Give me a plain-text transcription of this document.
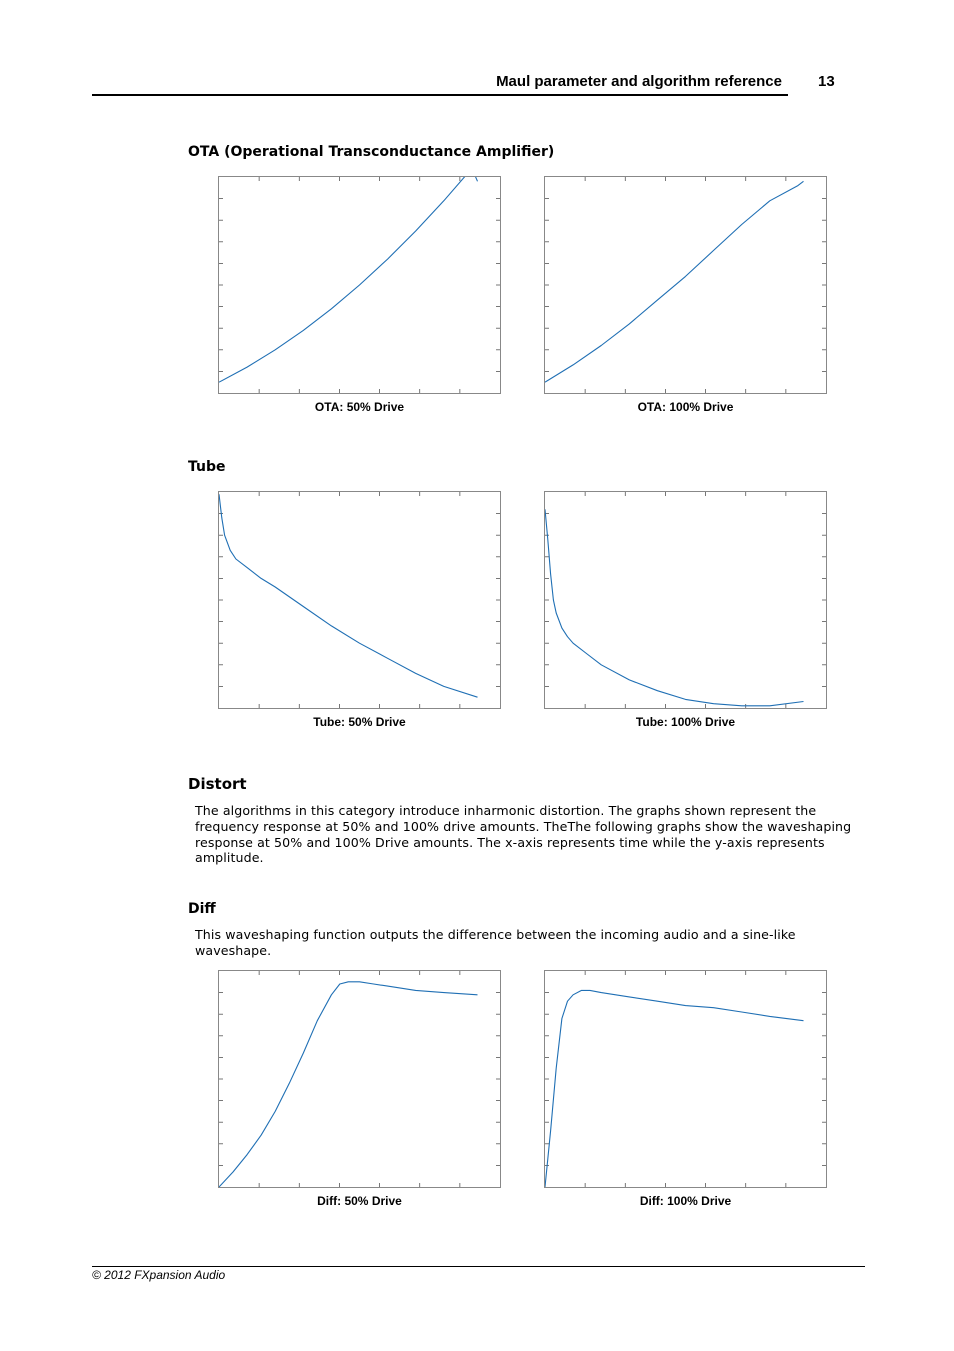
Maul parameter and algorithm reference 13
OTA (Operational Transconductance Amplifier)
OTA: 50% Drive	OTA: 100% Drive
Tube
Tube: 50% Drive	Tube: 100% Drive
Distort
The algorithms in this category introduce inharmonic distortion. The graphs shown represent the frequency response at 50% and 100% drive amounts. TheThe following graphs show the waveshaping response at 50% and 100% Drive amounts. The x-axis represents time while the y-axis represents amplitude.
Diff
This waveshaping function outputs the difference between the incoming audio and a sine-like waveshape.
Diff: 50% Drive	Diff: 100% Drive
© 2012 FXpansion Audio
